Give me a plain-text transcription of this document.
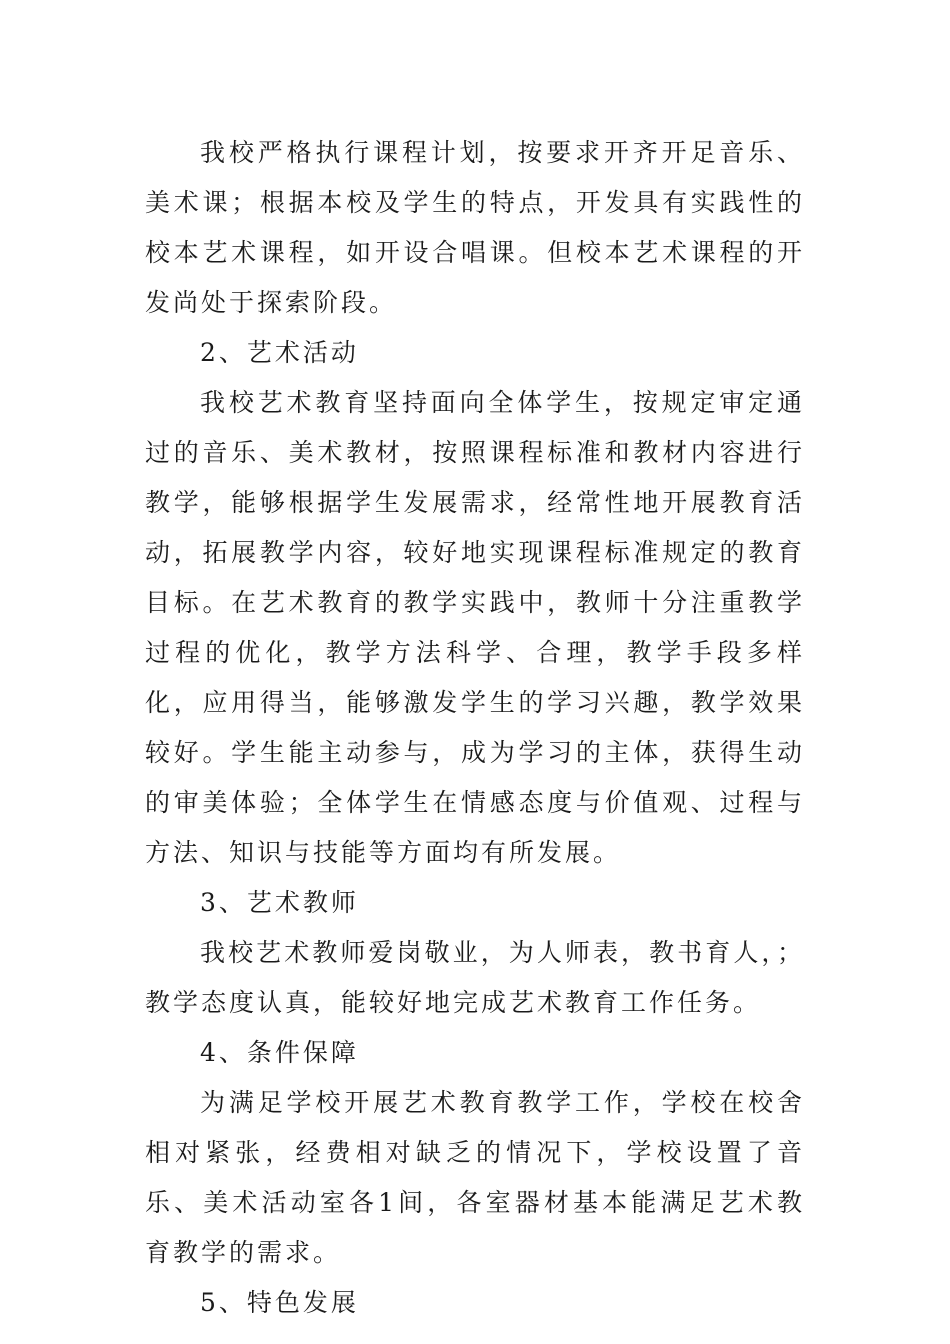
我校严格执行课程计划，按要求开齐开足音乐、美术课；根据本校及学生的特点，开发具有实践性的校本艺术课程，如开设合唱课。但校本艺术课程的开发尚处于探索阶段。

2、艺术活动

我校艺术教育坚持面向全体学生，按规定审定通过的音乐、美术教材，按照课程标准和教材内容进行教学，能够根据学生发展需求，经常性地开展教育活动，拓展教学内容，较好地实现课程标准规定的教育目标。在艺术教育的教学实践中，教师十分注重教学过程的优化，教学方法科学、合理，教学手段多样化，应用得当，能够激发学生的学习兴趣，教学效果较好。学生能主动参与，成为学习的主体，获得生动的审美体验；全体学生在情感态度与价值观、过程与方法、知识与技能等方面均有所发展。

3、艺术教师

我校艺术教师爱岗敬业，为人师表，教书育人，；教学态度认真，能较好地完成艺术教育工作任务。

4、条件保障

为满足学校开展艺术教育教学工作，学校在校舍相对紧张，经费相对缺乏的情况下，学校设置了音乐、美术活动室各1间，各室器材基本能满足艺术教育教学的需求。

5、特色发展
